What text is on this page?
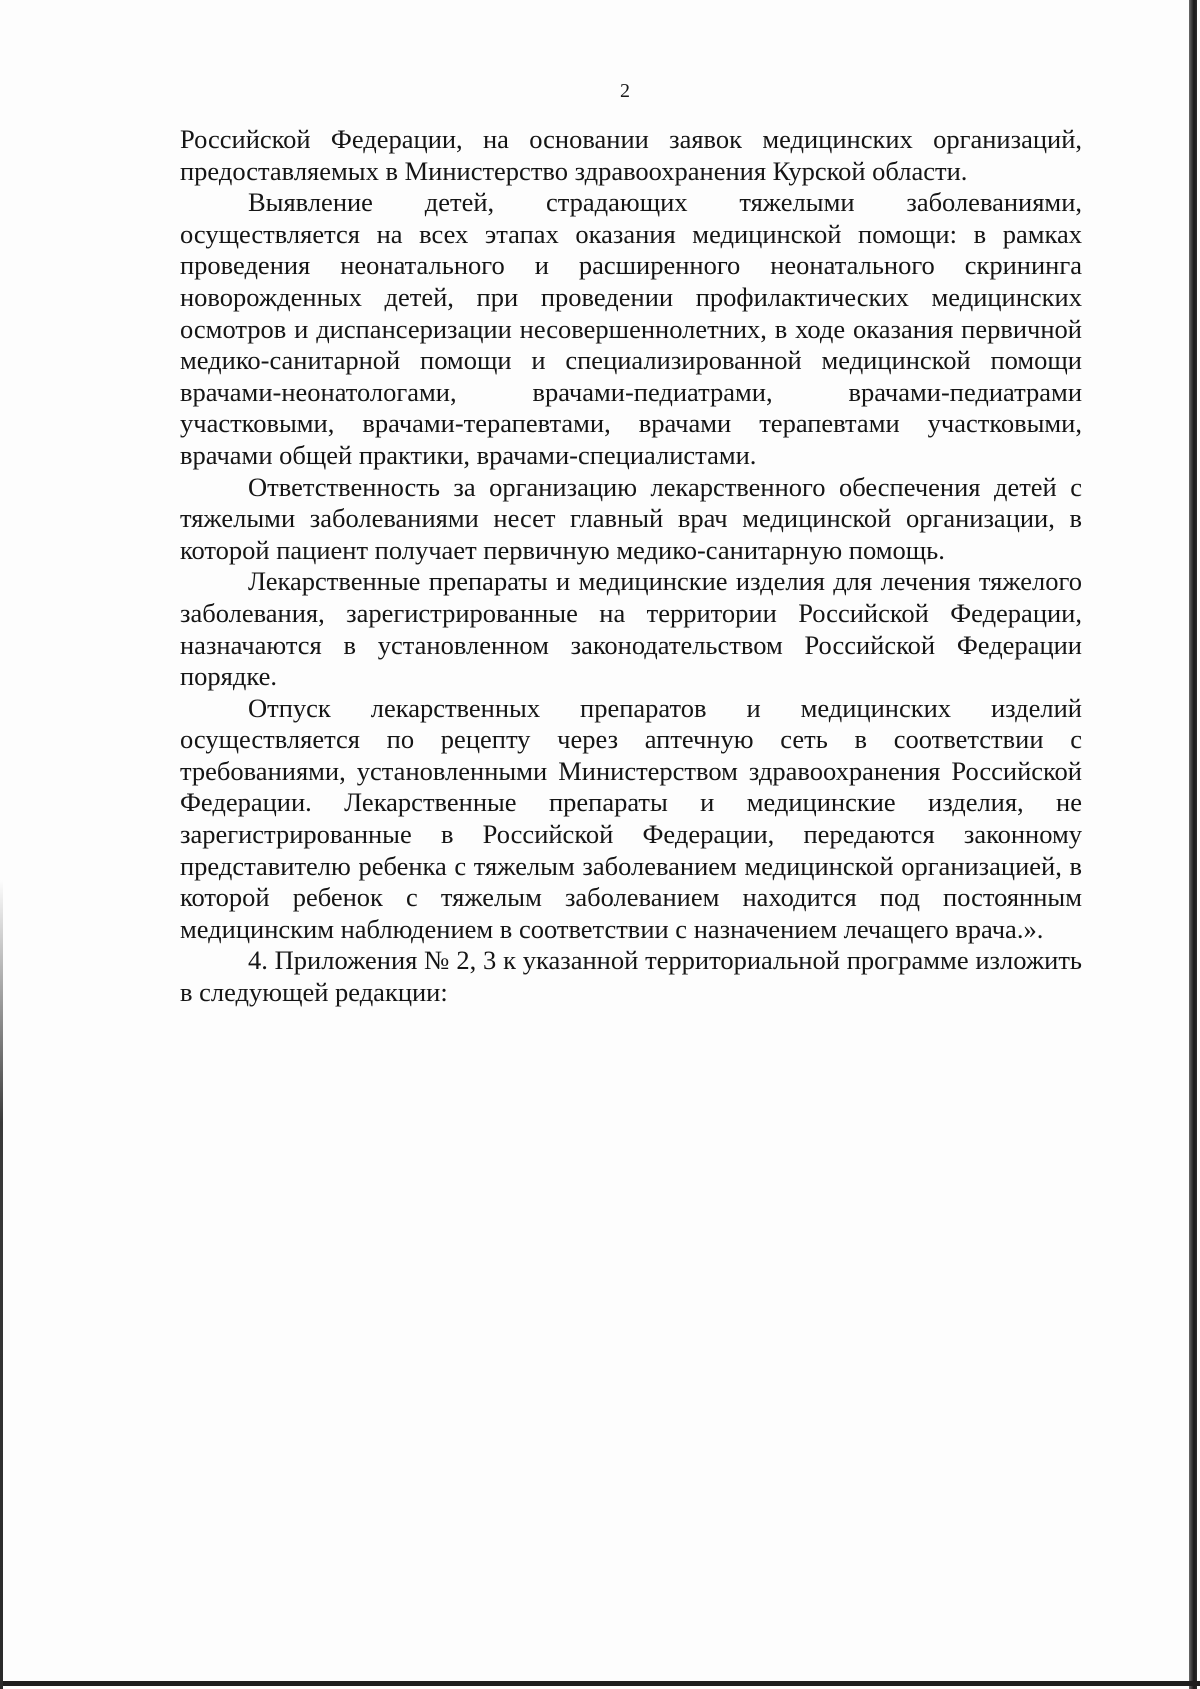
2

Российской Федерации, на основании заявок медицинских организаций, предоставляемых в Министерство здравоохранения Курской области.

Выявление детей, страдающих тяжелыми заболеваниями, осуществляется на всех этапах оказания медицинской помощи: в рамках проведения неонатального и расширенного неонатального скрининга новорожденных детей, при проведении профилактических медицинских осмотров и диспансеризации несовершеннолетних, в ходе оказания первичной медико-санитарной помощи и специализированной медицинской помощи врачами-неонатологами, врачами-педиатрами, врачами-педиатрами участковыми, врачами-терапевтами, врачами терапевтами участковыми, врачами общей практики, врачами-специалистами.

Ответственность за организацию лекарственного обеспечения детей с тяжелыми заболеваниями несет главный врач медицинской организации, в которой пациент получает первичную медико-санитарную помощь.

Лекарственные препараты и медицинские изделия для лечения тяжелого заболевания, зарегистрированные на территории Российской Федерации, назначаются в установленном законодательством Российской Федерации порядке.

Отпуск лекарственных препаратов и медицинских изделий осуществляется по рецепту через аптечную сеть в соответствии с требованиями, установленными Министерством здравоохранения Российской Федерации. Лекарственные препараты и медицинские изделия, не зарегистрированные в Российской Федерации, передаются законному представителю ребенка с тяжелым заболеванием медицинской организацией, в которой ребенок с тяжелым заболеванием находится под постоянным медицинским наблюдением в соответствии с назначением лечащего врача.».

4. Приложения № 2, 3 к указанной территориальной программе изложить в следующей редакции:
